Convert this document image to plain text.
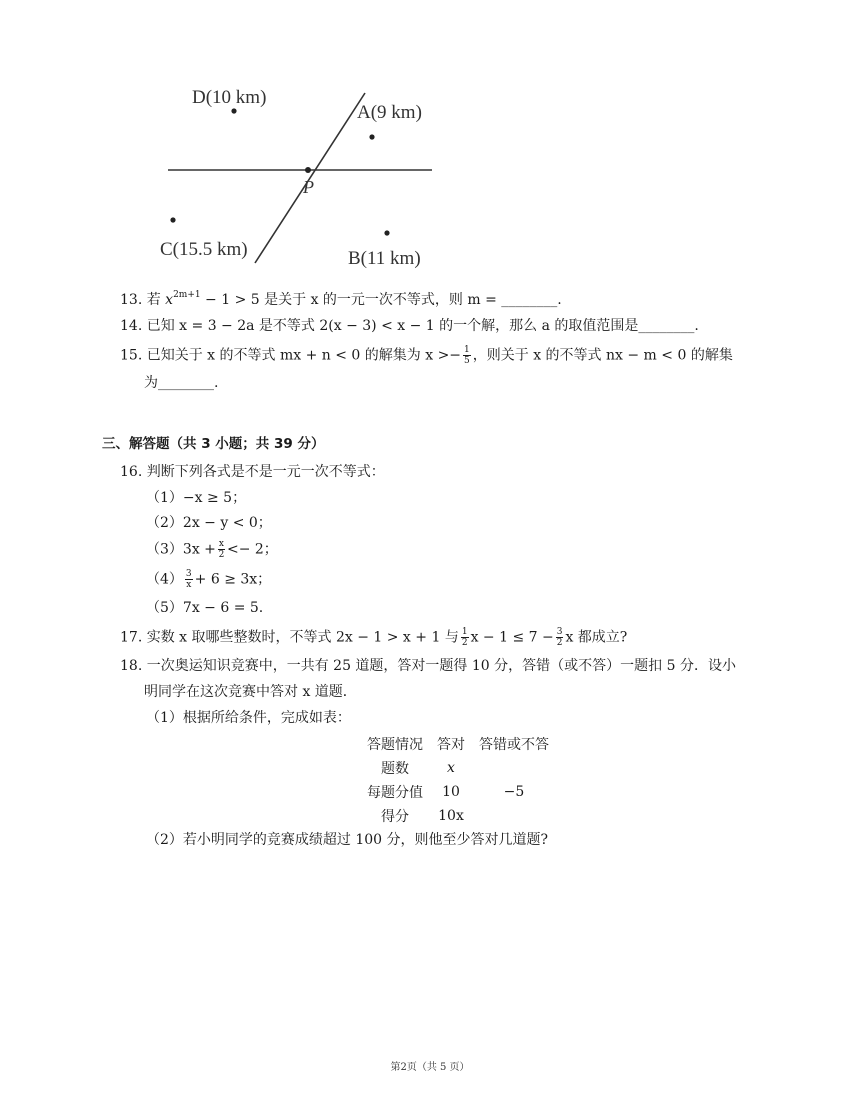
D(10 km)
A(9 km)
P
C(15.5 km)	B(11 km)
13. 若 $x^{2m+1} - 1 > 5$ 是关于 x 的一元一次不等式，则 m = ________.
14. 已知 x = 3 − 2a 是不等式 2(x − 3) < x − 1 的一个解，那么 a 的取值范围是________.
15. 已知关于 x 的不等式 mx + n < 0 的解集为 $x >- \frac{1}{5}$ ，则关于 x 的不等式 nx − m < 0 的解集
为________.
三、解答题（共 3 小题；共 39 分）
16. 判断下列各式是不是一元一次不等式：
（1）−x ≥ 5；
（2）2x − y < 0；
$(3)3x + \frac{x}{2} <- 2$；
$(4) \frac{3}{x} + 6 \ge 3x$；
（5）7x − 6 = 5.
17. 实数 x 取哪些整数时，不等式 2x − 1 > x + 1 与 $\frac{1}{2}$ $x - 1 \le 7 - \frac{3}{2}$ x 都成立?
18. 一次奥运知识竞赛中，一共有 25 道题，答对一题得 10 分，答错（或不答）一题扣 5 分．设小
明同学在这次竞赛中答对 x 道题．
（1）根据所给条件，完成如表：
答题情况	答对	答错或不答
题数	x	
每题分值	10	−5
得分	10x	
（2）若小明同学的竞赛成绩超过 100 分，则他至少答对几道题?
第2页（共 5 页）
